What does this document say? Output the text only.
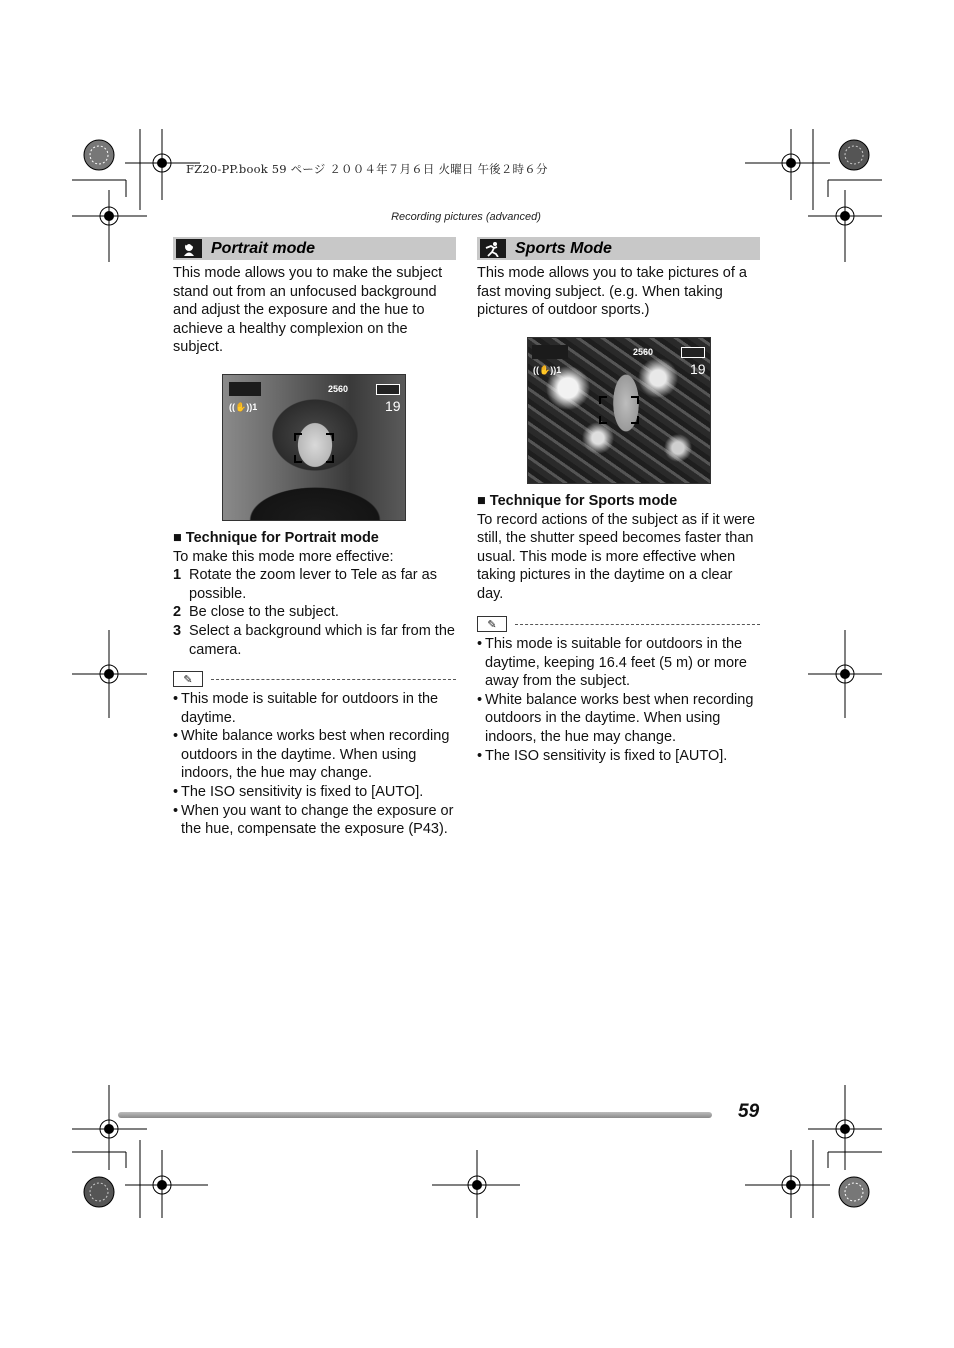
FZ20-PP.book 59 ページ ２００４年７月６日 火曜日 午後２時６分
Recording pictures (advanced)
Portrait mode

This mode allows you to make the subject stand out from an unfocused background and adjust the exposure and the hue to achieve a healthy complexion on the subject.

2560
((✋))1	19

■ Technique for Portrait mode

To make this mode more effective:

1 Rotate the zoom lever to Tele as far as possible.
2 Be close to the subject.
3 Select a background which is far from the camera.
✎
• This mode is suitable for outdoors in the daytime.
• White balance works best when recording outdoors in the daytime. When using indoors, the hue may change.
• The ISO sensitivity is fixed to [AUTO].
• When you want to change the exposure or the hue, compensate the exposure (P43).
Sports Mode

This mode allows you to take pictures of a fast moving subject. (e.g. When taking pictures of outdoor sports.)

2560
((✋))1	19

■ Technique for Sports mode

To record actions of the subject as if it were still, the shutter speed becomes faster than usual. This mode is more effective when taking pictures in the daytime on a clear day.

✎
• This mode is suitable for outdoors in the daytime, keeping 16.4 feet (5 m) or more away from the subject.
• White balance works best when recording outdoors in the daytime. When using indoors, the hue may change.
• The ISO sensitivity is fixed to [AUTO].
59
